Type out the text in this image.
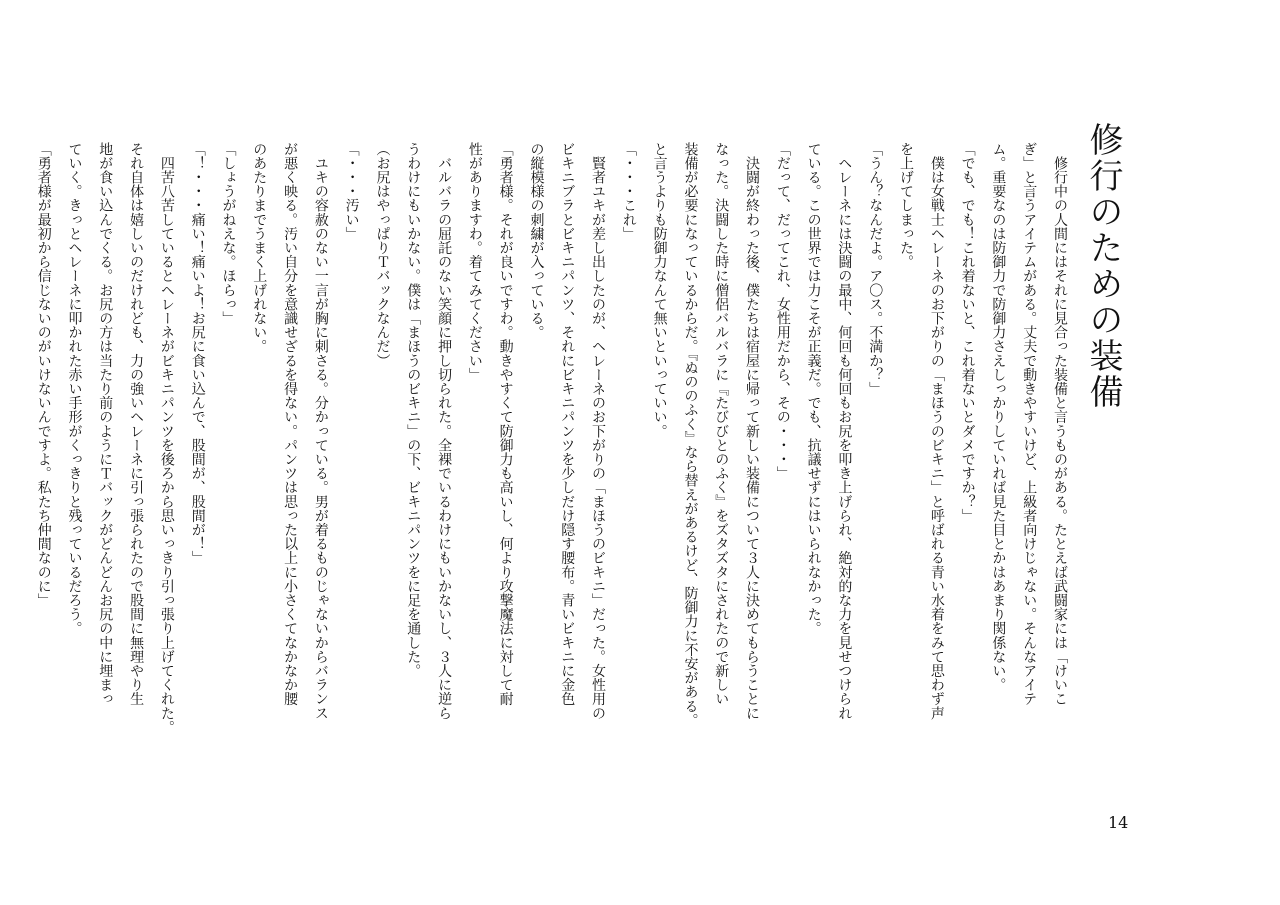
修行のための装備

　修行中の人間にはそれに見合った装備と言うものがある。たとえば武闘家には「けいこ

ぎ」と言うアイテムがある。丈夫で動きやすいけど、上級者向けじゃない。そんなアイテ

ム。重要なのは防御力で防御力さえしっかりしていれば見た目とかはあまり関係ない。

「でも、でも！これ着ないと、これ着ないとダメですか？」

　僕は女戦士ヘレーネのお下がりの「まほうのビキニ」と呼ばれる青い水着をみて思わず声

を上げてしまった。

「うん？なんだよ。ア〇ス。不満か？」

　ヘレーネには決闘の最中、何回も何回もお尻を叩き上げられ、絶対的な力を見せつけられ

ている。この世界では力こそが正義だ。でも、抗議せずにはいられなかった。

「だって、だってこれ、女性用だから、その・・・」

　決闘が終わった後、僕たちは宿屋に帰って新しい装備について３人に決めてもらうことに

なった。決闘した時に僧侶バルバラに『たびびとのふく』をズタズタにされたので新しい

装備が必要になっているからだ。『ぬののふく』なら替えがあるけど、防御力に不安がある。

と言うよりも防御力なんて無いといっていい。

「・・・これ」

　賢者ユキが差し出したのが、ヘレーネのお下がりの「まほうのビキニ」だった。女性用の

ビキニブラとビキニパンツ、それにビキニパンツを少しだけ隠す腰布。青いビキニに金色

の縦模様の刺繍が入っている。

「勇者様。それが良いですわ。動きやすくて防御力も高いし、何より攻撃魔法に対して耐

性がありますわ。着てみてください」

　バルバラの屈託のない笑顔に押し切られた。全裸でいるわけにもいかないし、３人に逆ら

うわけにもいかない。僕は「まほうのビキニ」の下、ビキニパンツをに足を通した。

（お尻はやっぱりＴバックなんだ）

「・・・汚い」

　ユキの容赦のない一言が胸に刺さる。分かっている。男が着るものじゃないからバランス

が悪く映る。汚い自分を意識せざるを得ない。パンツは思った以上に小さくてなかなか腰

のあたりまでうまく上げれない。

「しょうがねえな。ほらっ」

「！・・・痛い！痛いよ！お尻に食い込んで、股間が、股間が！」

　四苦八苦しているとヘレーネがビキニパンツを後ろから思いっきり引っ張り上げてくれた。

それ自体は嬉しいのだけれども、力の強いヘレーネに引っ張られたので股間に無理やり生

地が食い込んでくる。お尻の方は当たり前のようにＴバックがどんどんお尻の中に埋まっ

ていく。きっとヘレーネに叩かれた赤い手形がくっきりと残っているだろう。

「勇者様が最初から信じないのがいけないんですよ。私たち仲間なのに」

14
